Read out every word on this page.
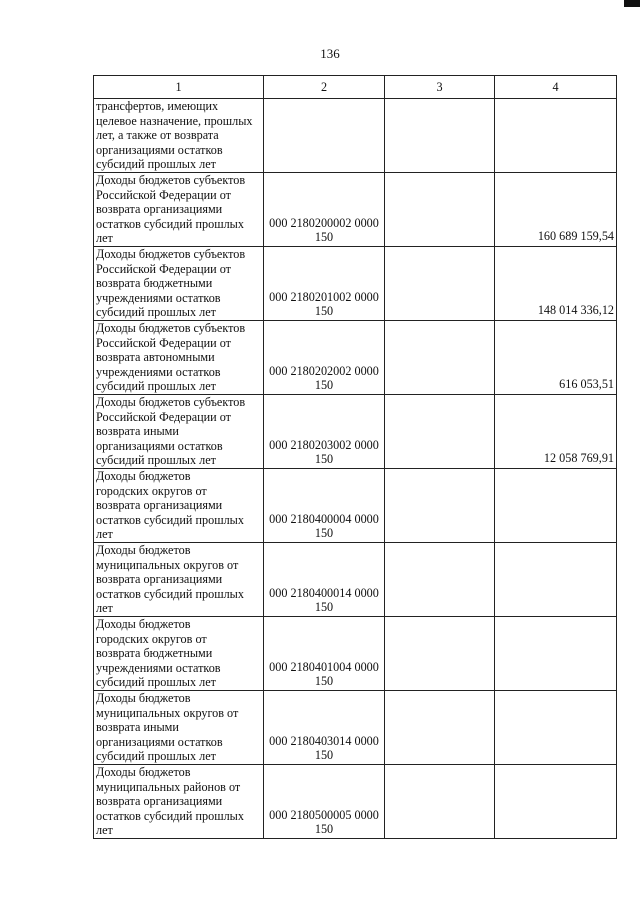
136
1	2	3	4

трансфертов, имеющих
целевое назначение, прошлых
лет, а также от возврата
организациями остатков
субсидий прошлых лет			

Доходы бюджетов субъектов
Российской Федерации от
возврата организациями
остатков субсидий прошлых
лет	000 2180200002 0000
150		160 689 159,54

Доходы бюджетов субъектов
Российской Федерации от
возврата бюджетными
учреждениями остатков
субсидий прошлых лет	000 2180201002 0000
150		148 014 336,12

Доходы бюджетов субъектов
Российской Федерации от
возврата автономными
учреждениями остатков
субсидий прошлых лет	000 2180202002 0000
150		616 053,51

Доходы бюджетов субъектов
Российской Федерации от
возврата иными
организациями остатков
субсидий прошлых лет	000 2180203002 0000
150		12 058 769,91

Доходы бюджетов
городских округов от
возврата организациями
остатков субсидий прошлых
лет	000 2180400004 0000
150		

Доходы бюджетов
муниципальных округов от
возврата организациями
остатков субсидий прошлых
лет	000 2180400014 0000
150		

Доходы бюджетов
городских округов от
возврата бюджетными
учреждениями остатков
субсидий прошлых лет	000 2180401004 0000
150		

Доходы бюджетов
муниципальных округов от
возврата иными
организациями остатков
субсидий прошлых лет	000 2180403014 0000
150		

Доходы бюджетов
муниципальных районов от
возврата организациями
остатков субсидий прошлых
лет	000 2180500005 0000
150		
